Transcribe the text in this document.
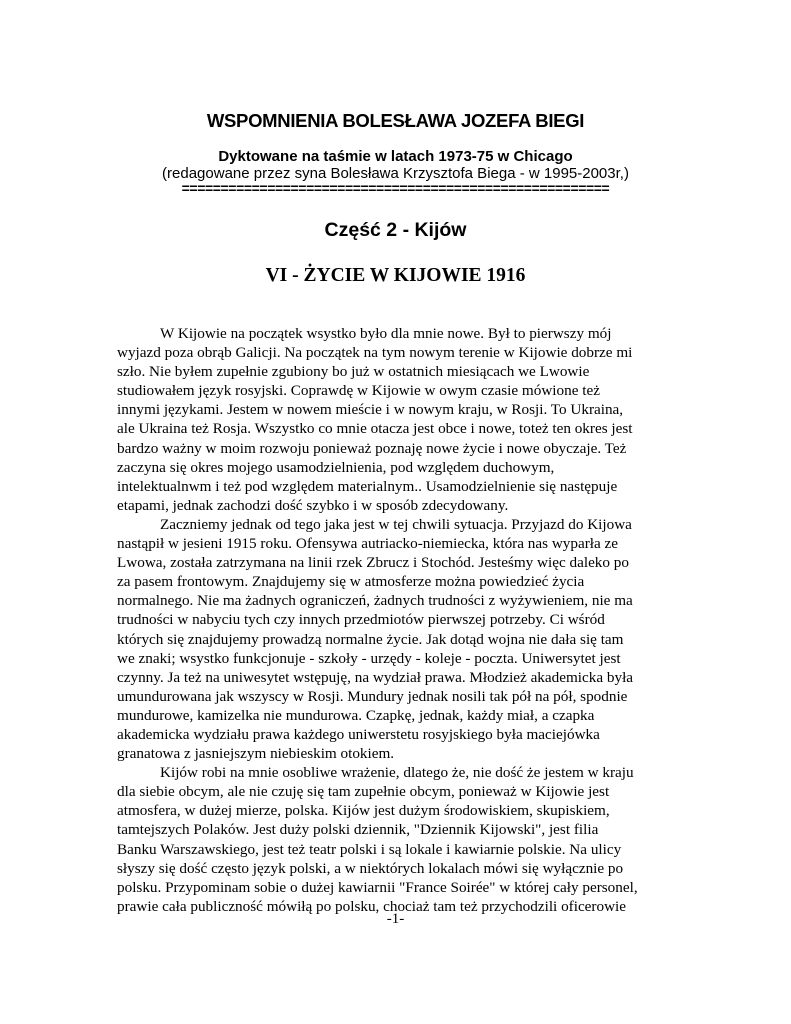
WSPOMNIENIA BOLESŁAWA JOZEFA BIEGI
Dyktowane na taśmie w latach 1973-75 w Chicago
(redagowane przez syna Bolesława Krzysztofa Biega - w 1995-2003r,)
=======================================================
Część 2 - Kijów
VI - ŻYCIE W KIJOWIE 1916
W Kijowie na początek wsystko było dla mnie nowe. Był to pierwszy mój
wyjazd poza obrąb Galicji. Na początek na tym nowym terenie w Kijowie dobrze mi
szło. Nie byłem zupełnie zgubiony bo już w ostatnich miesiącach we Lwowie
studiowałem język rosyjski. Coprawdę w Kijowie w owym czasie mówione też
innymi językami. Jestem w nowem mieście i w nowym kraju, w Rosji. To Ukraina,
ale Ukraina też Rosja. Wszystko co mnie otacza jest obce i nowe, toteż ten okres jest
bardzo ważny w moim rozwoju ponieważ poznaję nowe życie i nowe obyczaje. Też
zaczyna się okres mojego usamodzielnienia, pod względem duchowym,
intelektualnwm i też pod względem materialnym.. Usamodzielnienie się następuje
etapami, jednak zachodzi dość szybko i w sposób zdecydowany.
Zaczniemy jednak od tego jaka jest w tej chwili sytuacja. Przyjazd do Kijowa
nastąpił w jesieni 1915 roku. Ofensywa autriacko-niemiecka, która nas wyparła ze
Lwowa, została zatrzymana na linii rzek Zbrucz i Stochód. Jesteśmy więc daleko po
za pasem frontowym. Znajdujemy się w atmosferze można powiedzieć życia
normalnego. Nie ma żadnych ograniczeń, żadnych trudności z wyżywieniem, nie ma
trudności w nabyciu tych czy innych przedmiotów pierwszej potrzeby. Ci wśród
których się znajdujemy prowadzą normalne życie. Jak dotąd wojna nie dała się tam
we znaki; wsystko funkcjonuje - szkoły - urzędy - koleje - poczta. Uniwersytet jest
czynny. Ja też na uniwesytet wstępuję, na wydział prawa. Młodzież akademicka była
umundurowana jak wszyscy w Rosji. Mundury jednak nosili tak pół na pół, spodnie
mundurowe, kamizelka nie mundurowa. Czapkę, jednak, każdy miał, a czapka
akademicka wydziału prawa każdego uniwerstetu rosyjskiego była maciejówka
granatowa z jasniejszym niebieskim otokiem.
Kijów robi na mnie osobliwe wrażenie, dlatego że, nie dość że jestem w kraju
dla siebie obcym, ale nie czuję się tam zupełnie obcym, ponieważ w Kijowie jest
atmosfera, w dużej mierze, polska. Kijów jest dużym środowiskiem, skupiskiem,
tamtejszych Polaków. Jest duży polski dziennik, "Dziennik Kijowski", jest filia
Banku Warszawskiego, jest też teatr polski i są lokale i kawiarnie polskie. Na ulicy
słyszy się dość często język polski, a w niektórych lokalach mówi się wyłącznie po
polsku. Przypominam sobie o dużej kawiarnii "France Soirée" w której cały personel,
prawie cała publiczność mówiłą po polsku, chociaż tam też przychodzili oficerowie
-1-
